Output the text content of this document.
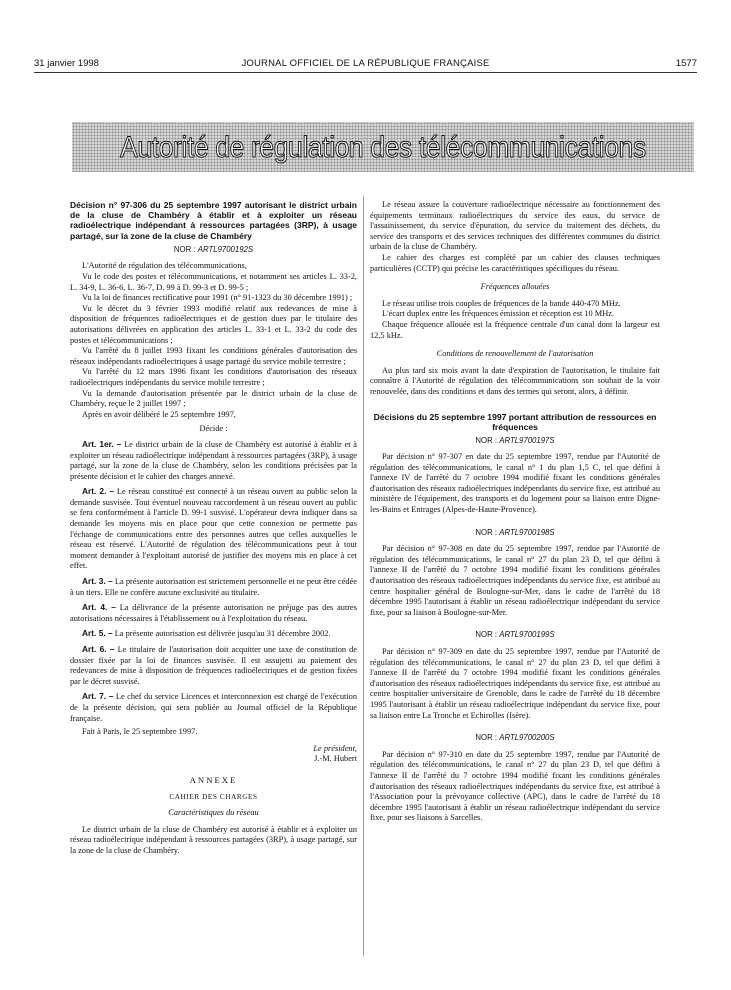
31 janvier 1998	JOURNAL OFFICIEL DE LA RÉPUBLIQUE FRANÇAISE	1577
Autorité de régulation des télécommunications

Décision n° 97-306 du 25 septembre 1997 autorisant le district urbain de la cluse de Chambéry à établir et à exploiter un réseau radioélectrique indépendant à ressources partagées (3RP), à usage partagé, sur la zone de la cluse de Chambéry

NOR : ARTL9700192S

L'Autorité de régulation des télécommunications,

Vu le code des postes et télécommunications, et notamment ses articles L. 33-2, L. 34-9, L. 36-6, L. 36-7, D. 99 à D. 99-3 et D. 99-5 ;

Vu la loi de finances rectificative pour 1991 (n° 91-1323 du 30 décembre 1991) ;

Vu le décret du 3 février 1993 modifié relatif aux redevances de mise à disposition de fréquences radioélectriques et de gestion dues par le titulaire des autorisations délivrées en application des articles L. 33-1 et L. 33-2 du code des postes et télécommunications ;

Vu l'arrêté du 8 juillet 1993 fixant les conditions générales d'autorisation des réseaux indépendants radioélectriques à usage partagé du service mobile terrestre ;

Vu l'arrêté du 12 mars 1996 fixant les conditions d'autorisation des réseaux radioélectriques indépendants du service mobile terrestre ;

Vu la demande d'autorisation présentée par le district urbain de la cluse de Chambéry, reçue le 2 juillet 1997 ;

Après en avoir délibéré le 25 septembre 1997,

Décide :

Art. 1er. – Le district urbain de la cluse de Chambéry est autorisé à établir et à exploiter un réseau radioélectrique indépendant à ressources partagées (3RP), à usage partagé, sur la zone de la cluse de Chambéry, selon les conditions précisées par la présente décision et le cahier des charges annexé.

Art. 2. – Le réseau constitué est connecté à un réseau ouvert au public selon la demande susvisée. Tout éventuel nouveau raccordement à un réseau ouvert au public se fera conformément à l'article D. 99-1 susvisé. L'opérateur devra indiquer dans sa demande les moyens mis en place pour que cette connexion ne permette pas l'échange de communications entre des personnes autres que celles auxquelles le réseau est réservé. L'Autorité de régulation des télécommunications peut à tout moment demander à l'exploitant autorisé de justifier des moyens mis en place à cet effet.

Art. 3. – La présente autorisation est strictement personnelle et ne peut être cédée à un tiers. Elle ne confère aucune exclusivité au titulaire.

Art. 4. – La délivrance de la présente autorisation ne préjuge pas des autres autorisations nécessaires à l'établissement ou à l'exploitation du réseau.

Art. 5. – La présente autorisation est délivrée jusqu'au 31 décembre 2002.

Art. 6. – Le titulaire de l'autorisation doit acquitter une taxe de constitution de dossier fixée par la loi de finances susvisée. Il est assujetti au paiement des redevances de mise à disposition de fréquences radioélectriques et de gestion fixées par le décret susvisé.

Art. 7. – Le chef du service Licences et interconnexion est chargé de l'exécution de la présente décision, qui sera publiée au Journal officiel de la République française.

Fait à Paris, le 25 septembre 1997.

Le président,

J.-M. Hubert

ANNEXE

CAHIER DES CHARGES

Caractéristiques du réseau

Le district urbain de la cluse de Chambéry est autorisé à établir et à exploiter un réseau radioélectrique indépendant à ressources partagées (3RP), à usage partagé, sur la zone de la cluse de Chambéry.

Le réseau assure la couverture radioélectrique nécessaire au fonctionnement des équipements terminaux radioélectriques du service des eaux, du service de l'assainissement, du service d'épuration, du service du traitement des déchets, du service des transports et des services techniques des différentes communes du district urbain de la cluse de Chambéry.

Le cahier des charges est complété par un cahier des clauses techniques particulières (CCTP) qui précise les caractéristiques spécifiques du réseau.

Fréquences allouées

Le réseau utilise trois couples de fréquences de la bande 440-470 MHz.

L'écart duplex entre les fréquences émission et réception est 10 MHz.

Chaque fréquence allouée est la fréquence centrale d'un canal dont la largeur est 12,5 kHz.

Conditions de renouvellement de l'autorisation

Au plus tard six mois avant la date d'expiration de l'autorisation, le titulaire fait connaître à l'Autorité de régulation des télécommunications son souhait de la voir renouvelée, dans des conditions et dans des termes qui seront, alors, à définir.

Décisions du 25 septembre 1997 portant attribution de ressources en fréquences

NOR : ARTL9700197S

Par décision n° 97-307 en date du 25 septembre 1997, rendue par l'Autorité de régulation des télécommunications, le canal n° 1 du plan 1,5 C, tel que défini à l'annexe IV de l'arrêté du 7 octobre 1994 modifié fixant les conditions générales d'autorisation des réseaux radioélectriques indépendants du service fixe, est attribué au ministère de l'équipement, des transports et du logement pour sa liaison entre Digne-les-Bains et Entrages (Alpes-de-Haute-Provence).

NOR : ARTL9700198S

Par décision n° 97-308 en date du 25 septembre 1997, rendue par l'Autorité de régulation des télécommunications, le canal n° 27 du plan 23 D, tel que défini à l'annexe II de l'arrêté du 7 octobre 1994 modifié fixant les conditions générales d'autorisation des réseaux radioélectriques indépendants du service fixe, est attribué au centre hospitalier général de Boulogne-sur-Mer, dans le cadre de l'arrêté du 18 décembre 1995 l'autorisant à établir un réseau radioélectrique indépendant du service fixe, pour sa liaison à Boulogne-sur-Mer.

NOR : ARTL9700199S

Par décision n° 97-309 en date du 25 septembre 1997, rendue par l'Autorité de régulation des télécommunications, le canal n° 27 du plan 23 D, tel que défini à l'annexe II de l'arrêté du 7 octobre 1994 modifié fixant les conditions générales d'autorisation des réseaux radioélectriques indépendants du service fixe, est attribué au centre hospitalier universitaire de Grenoble, dans le cadre de l'arrêté du 18 décembre 1995 l'autorisant à établir un réseau radioélectrique indépendant du service fixe, pour sa liaison entre La Tronche et Echirolles (Isère).

NOR : ARTL9700200S

Par décision n° 97-310 en date du 25 septembre 1997, rendue par l'Autorité de régulation des télécommunications, le canal n° 27 du plan 23 D, tel que défini à l'annexe II de l'arrêté du 7 octobre 1994 modifié fixant les conditions générales d'autorisation des réseaux radioélectriques indépendants du service fixe, est attribué à l'Association pour la prévoyance collective (APC), dans le cadre de l'arrêté du 18 décembre 1995 l'autorisant à établir un réseau radioélectrique indépendant du service fixe, pour ses liaisons à Sarcelles.
